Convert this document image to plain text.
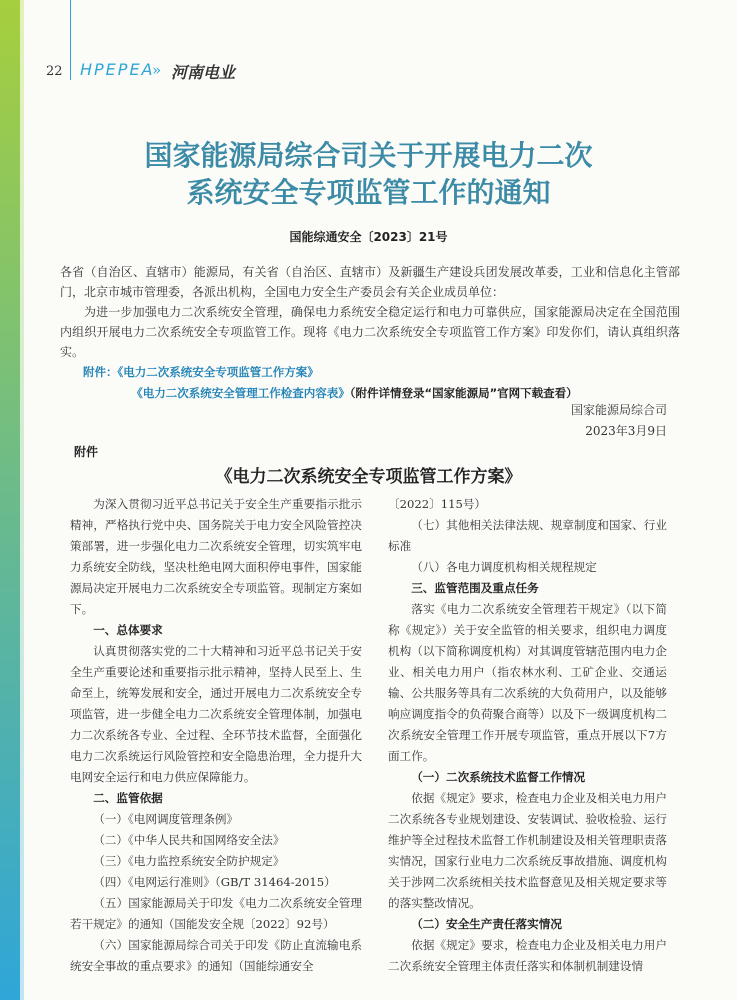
22 HPEPEA
» 河南电业
国家能源局综合司关于开展电力二次
系统安全专项监管工作的通知
国能综通安全〔2023〕21号

各省（自治区、直辖市）能源局，有关省（自治区、直辖市）及新疆生产建设兵团发展改革委，工业和信息化主管部门，北京市城市管理委，各派出机构，全国电力安全生产委员会有关企业成员单位：

为进一步加强电力二次系统安全管理，确保电力系统安全稳定运行和电力可靠供应，国家能源局决定在全国范围内组织开展电力二次系统安全专项监管工作。现将《电力二次系统安全专项监管工作方案》印发你们，请认真组织落实。

附件：《电力二次系统安全专项监管工作方案》
《电力二次系统安全管理工作检查内容表》（附件详情登录“国家能源局”官网下载查看）
国家能源局综合司
2023年3月9日
附件
《电力二次系统安全专项监管工作方案》

为深入贯彻习近平总书记关于安全生产重要指示批示精神，严格执行党中央、国务院关于电力安全风险管控决策部署，进一步强化电力二次系统安全管理，切实筑牢电力系统安全防线，坚决杜绝电网大面积停电事件，国家能源局决定开展电力二次系统安全专项监管。现制定方案如下。

一、总体要求

认真贯彻落实党的二十大精神和习近平总书记关于安全生产重要论述和重要指示批示精神，坚持人民至上、生命至上，统筹发展和安全，通过开展电力二次系统安全专项监管，进一步健全电力二次系统安全管理体制，加强电力二次系统各专业、全过程、全环节技术监督，全面强化电力二次系统运行风险管控和安全隐患治理，全力提升大电网安全运行和电力供应保障能力。

二、监管依据

（一）《电网调度管理条例》

（二）《中华人民共和国网络安全法》

（三）《电力监控系统安全防护规定》

（四）《电网运行准则》（GB/T 31464-2015）

（五）国家能源局关于印发《电力二次系统安全管理若干规定》的通知（国能发安全规〔2022〕92号）

（六）国家能源局综合司关于印发《防止直流输电系统安全事故的重点要求》的通知（国能综通安全

〔2022〕115号）

（七）其他相关法律法规、规章制度和国家、行业标准

（八）各电力调度机构相关规程规定

三、监管范围及重点任务

落实《电力二次系统安全管理若干规定》（以下简称《规定》）关于安全监管的相关要求，组织电力调度机构（以下简称调度机构）对其调度管辖范围内电力企业、相关电力用户（指农林水利、工矿企业、交通运输、公共服务等具有二次系统的大负荷用户，以及能够响应调度指令的负荷聚合商等）以及下一级调度机构二次系统安全管理工作开展专项监管，重点开展以下7方面工作。

（一）二次系统技术监督工作情况

依据《规定》要求，检查电力企业及相关电力用户二次系统各专业规划建设、安装调试、验收检验、运行维护等全过程技术监督工作机制建设及相关管理职责落实情况，国家行业电力二次系统反事故措施、调度机构关于涉网二次系统相关技术监督意见及相关规定要求等的落实整改情况。

（二）安全生产责任落实情况

依据《规定》要求，检查电力企业及相关电力用户二次系统安全管理主体责任落实和体制机制建设情
